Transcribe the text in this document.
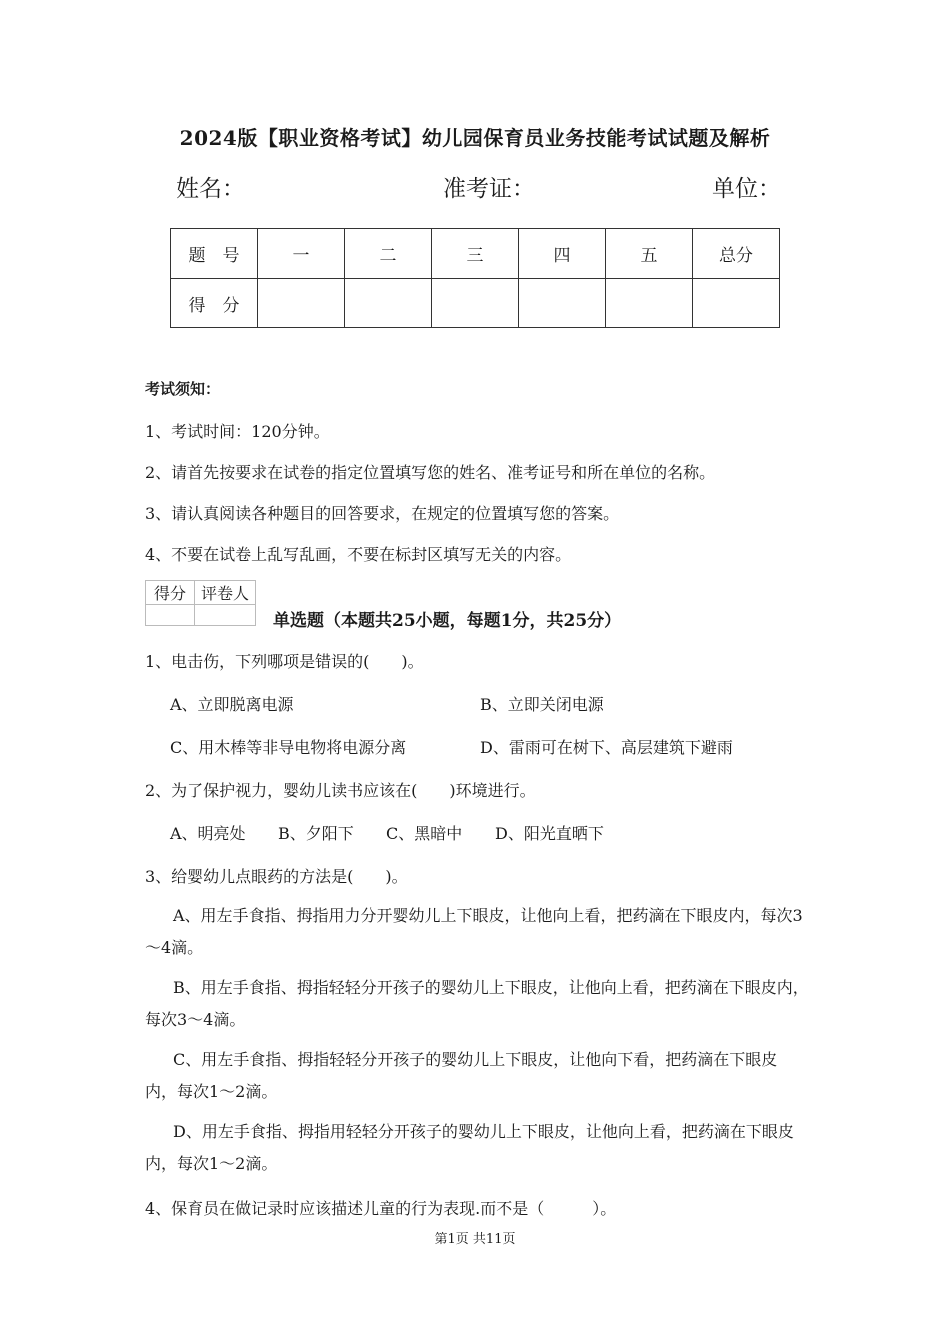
2024版【职业资格考试】幼儿园保育员业务技能考试试题及解析
姓名：	准考证：	单位：
题　号	一	二	三	四	五	总分
得　分						
考试须知：
1、考试时间：120分钟。
2、请首先按要求在试卷的指定位置填写您的姓名、准考证号和所在单位的名称。
3、请认真阅读各种题目的回答要求，在规定的位置填写您的答案。
4、不要在试卷上乱写乱画，不要在标封区填写无关的内容。
得分	评卷人

单选题（本题共25小题，每题1分，共25分）
1、电击伤，下列哪项是错误的(　　)。
A、立即脱离电源	B、立即关闭电源
C、用木棒等非导电物将电源分离	D、雷雨可在树下、高层建筑下避雨
2、为了保护视力，婴幼儿读书应该在(　　)环境进行。
A、明亮处 B、夕阳下 C、黑暗中 D、阳光直晒下
3、给婴幼儿点眼药的方法是(　　)。
A、用左手食指、拇指用力分开婴幼儿上下眼皮，让他向上看，把药滴在下眼皮内，每次3～4滴。
B、用左手食指、拇指轻轻分开孩子的婴幼儿上下眼皮，让他向上看，把药滴在下眼皮内，每次3～4滴。
C、用左手食指、拇指轻轻分开孩子的婴幼儿上下眼皮，让他向下看，把药滴在下眼皮内，每次1～2滴。
D、用左手食指、拇指用轻轻分开孩子的婴幼儿上下眼皮，让他向上看，把药滴在下眼皮内，每次1～2滴。
4、保育员在做记录时应该描述儿童的行为表现.而不是（　　　）。
第1页 共11页
